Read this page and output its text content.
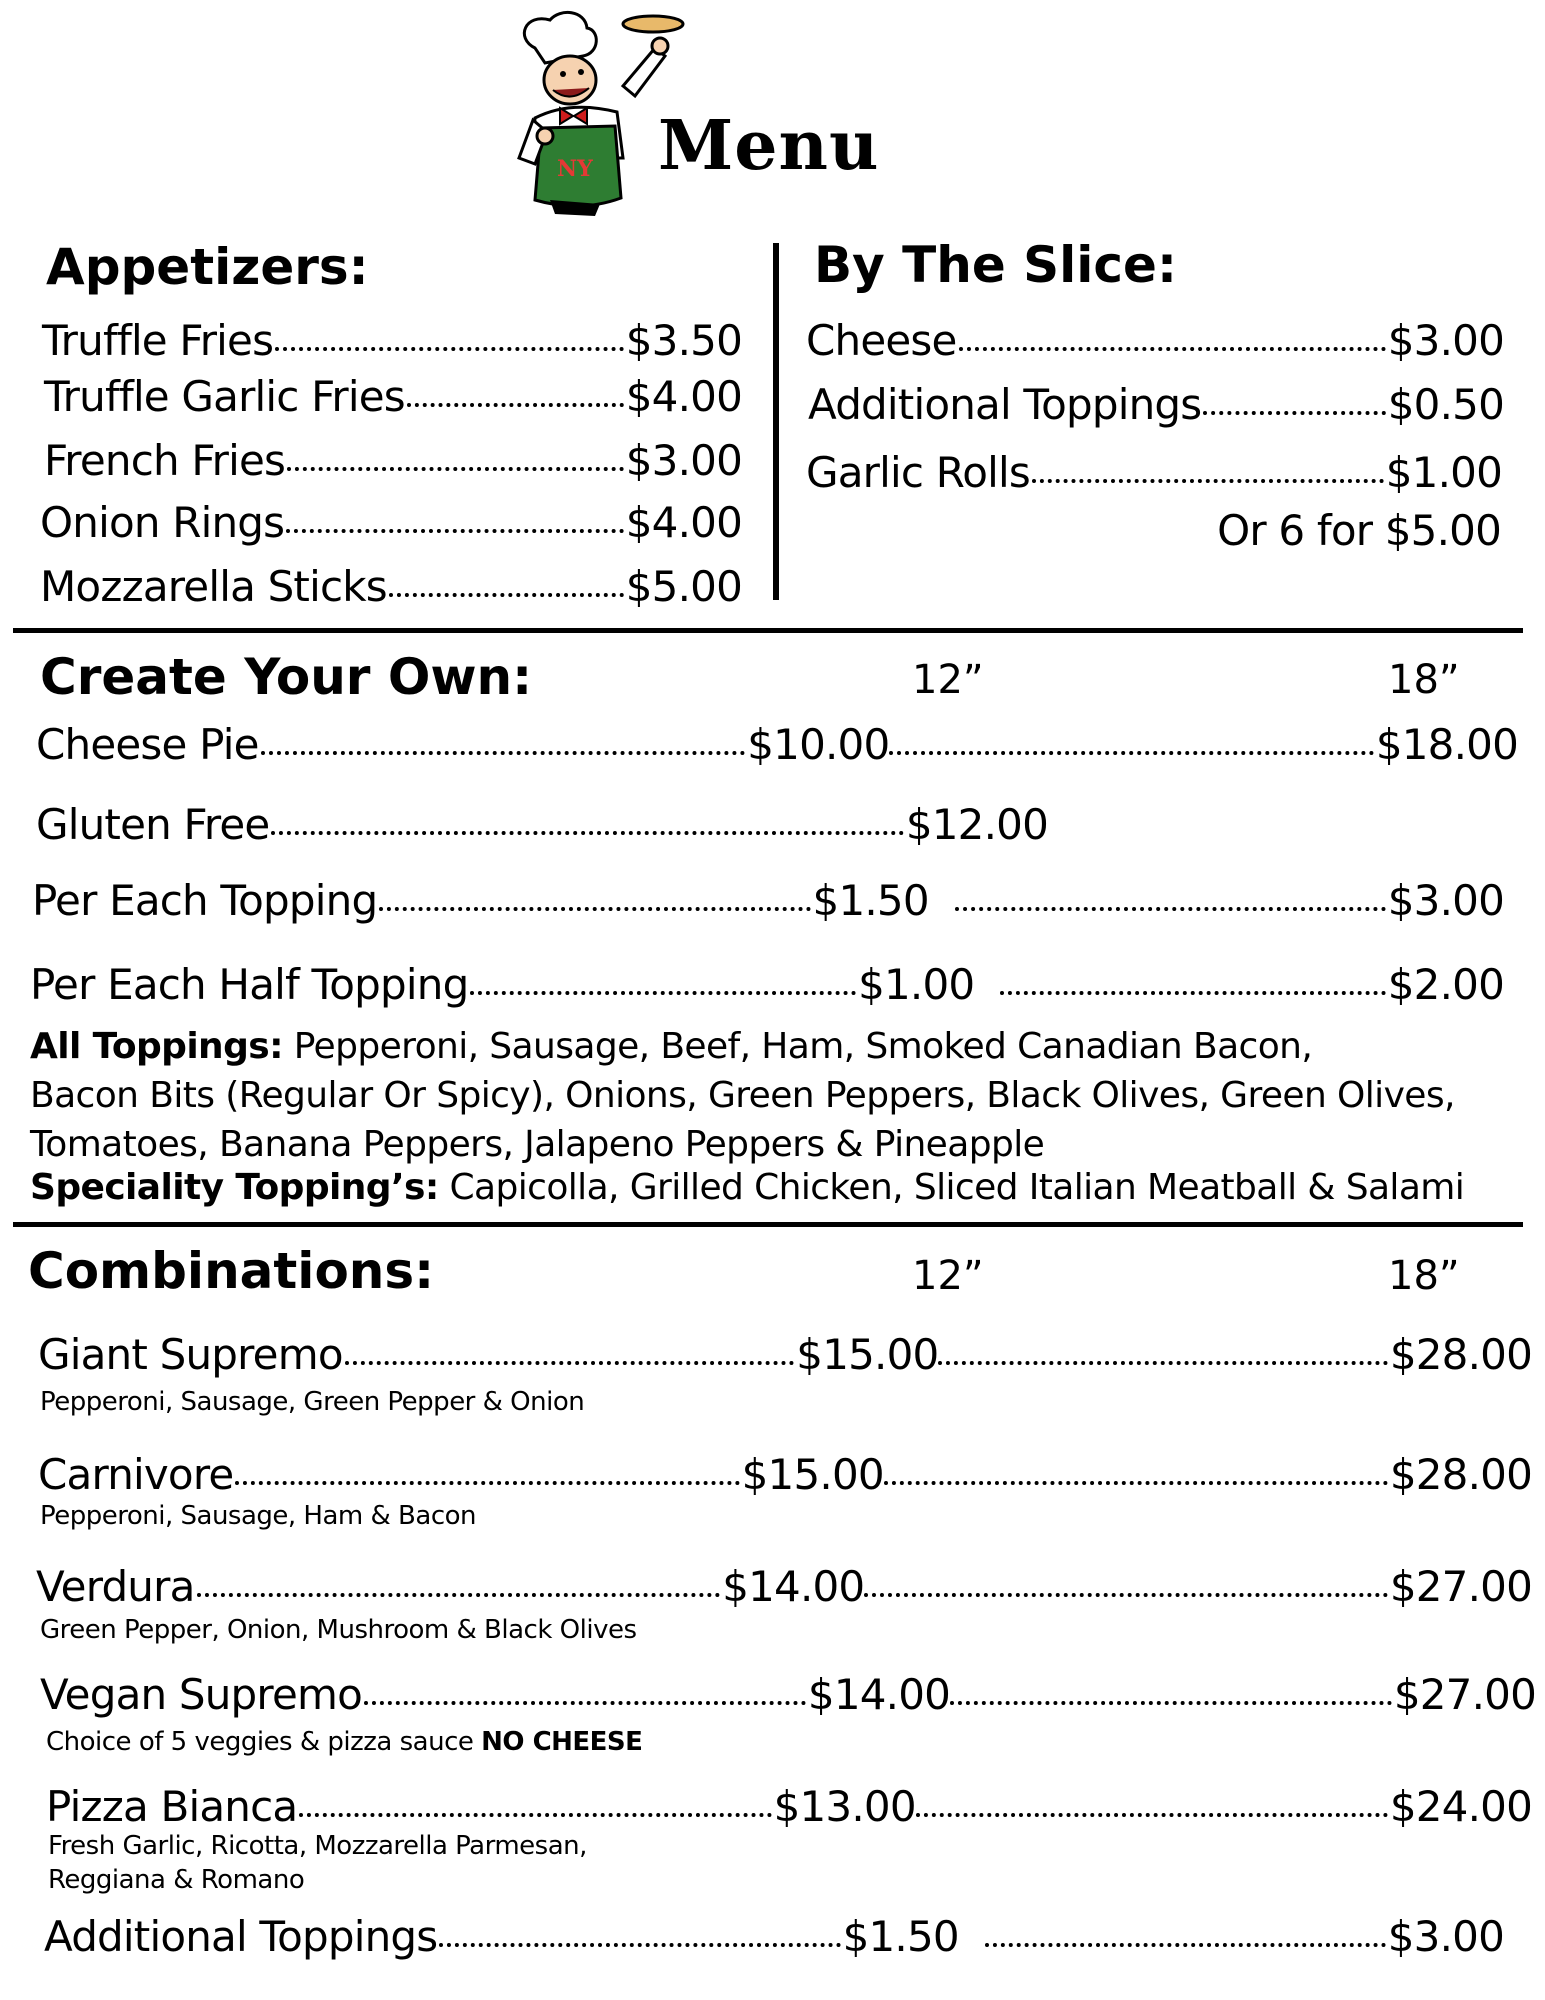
NY Menu
Appetizers:
Truffle Fries	$3.50
Truffle Garlic Fries	$4.00
French Fries	$3.00
Onion Rings	$4.00
Mozzarella Sticks	$5.00
By The Slice:
Cheese	$3.00
Additional Toppings	$0.50
Garlic Rolls	$1.00
Or 6 for $5.00
Create Your Own:	12”	18”
Cheese Pie	$10.00	$18.00
Gluten Free	$12.00
Per Each Topping	$1.50	$3.00
Per Each Half Topping	$1.00	$2.00
All Toppings: Pepperoni, Sausage, Beef, Ham, Smoked Canadian Bacon,
Bacon Bits (Regular Or Spicy), Onions, Green Peppers, Black Olives, Green Olives,
Tomatoes, Banana Peppers, Jalapeno Peppers & Pineapple
Speciality Topping’s: Capicolla, Grilled Chicken, Sliced Italian Meatball & Salami
Combinations:	12”	18”
Giant Supremo	$15.00	$28.00
Pepperoni, Sausage, Green Pepper & Onion
Carnivore	$15.00	$28.00
Pepperoni, Sausage, Ham & Bacon
Verdura	$14.00	$27.00
Green Pepper, Onion, Mushroom & Black Olives
Vegan Supremo	$14.00	$27.00
Choice of 5 veggies & pizza sauce NO CHEESE
Pizza Bianca	$13.00	$24.00
Fresh Garlic, Ricotta, Mozzarella Parmesan,
Reggiana & Romano
Additional Toppings	$1.50	$3.00
